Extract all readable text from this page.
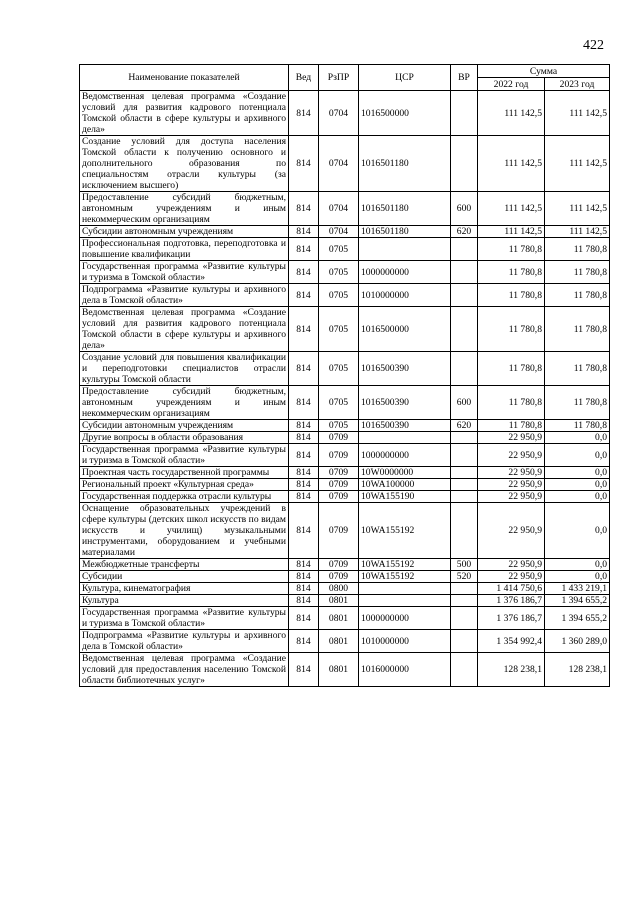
422
Наименование показателей	Вед	РзПР	ЦСР	ВР	Сумма	
					2022 год	2023 год
Ведомственная целевая программа «Создание условий для развития кадрового потенциала Томской области в сфере культуры и архивного дела»	814	0704	1016500000		111 142,5	111 142,5
Создание условий для доступа населения Томской области к получению основного и дополнительного образования по специальностям отрасли культуры (за исключением высшего)	814	0704	1016501180		111 142,5	111 142,5
Предоставление субсидий бюджетным, автономным учреждениям и иным некоммерческим организациям	814	0704	1016501180	600	111 142,5	111 142,5
Субсидии автономным учреждениям	814	0704	1016501180	620	111 142,5	111 142,5
Профессиональная подготовка, переподготовка и повышение квалификации	814	0705			11 780,8	11 780,8
Государственная программа «Развитие культуры и туризма в Томской области»	814	0705	1000000000		11 780,8	11 780,8
Подпрограмма «Развитие культуры и архивного дела в Томской области»	814	0705	1010000000		11 780,8	11 780,8
Ведомственная целевая программа «Создание условий для развития кадрового потенциала Томской области в сфере культуры и архивного дела»	814	0705	1016500000		11 780,8	11 780,8
Создание условий для повышения квалификации и переподготовки специалистов отрасли культуры Томской области	814	0705	1016500390		11 780,8	11 780,8
Предоставление субсидий бюджетным, автономным учреждениям и иным некоммерческим организациям	814	0705	1016500390	600	11 780,8	11 780,8
Субсидии автономным учреждениям	814	0705	1016500390	620	11 780,8	11 780,8
Другие вопросы в области образования	814	0709			22 950,9	0,0
Государственная программа «Развитие культуры и туризма в Томской области»	814	0709	1000000000		22 950,9	0,0
Проектная часть государственной программы	814	0709	10W0000000		22 950,9	0,0
Региональный проект «Культурная среда»	814	0709	10WA100000		22 950,9	0,0
Государственная поддержка отрасли культуры	814	0709	10WA155190		22 950,9	0,0
Оснащение образовательных учреждений в сфере культуры (детских школ искусств по видам искусств и училищ) музыкальными инструментами, оборудованием и учебными материалами	814	0709	10WA155192		22 950,9	0,0
Межбюджетные трансферты	814	0709	10WA155192	500	22 950,9	0,0
Субсидии	814	0709	10WA155192	520	22 950,9	0,0
Культура, кинематография	814	0800			1 414 750,6	1 433 219,1
Культура	814	0801			1 376 186,7	1 394 655,2
Государственная программа «Развитие культуры и туризма в Томской области»	814	0801	1000000000		1 376 186,7	1 394 655,2
Подпрограмма «Развитие культуры и архивного дела в Томской области»	814	0801	1010000000		1 354 992,4	1 360 289,0
Ведомственная целевая программа «Создание условий для предоставления населению Томской области библиотечных услуг»	814	0801	1016000000		128 238,1	128 238,1
